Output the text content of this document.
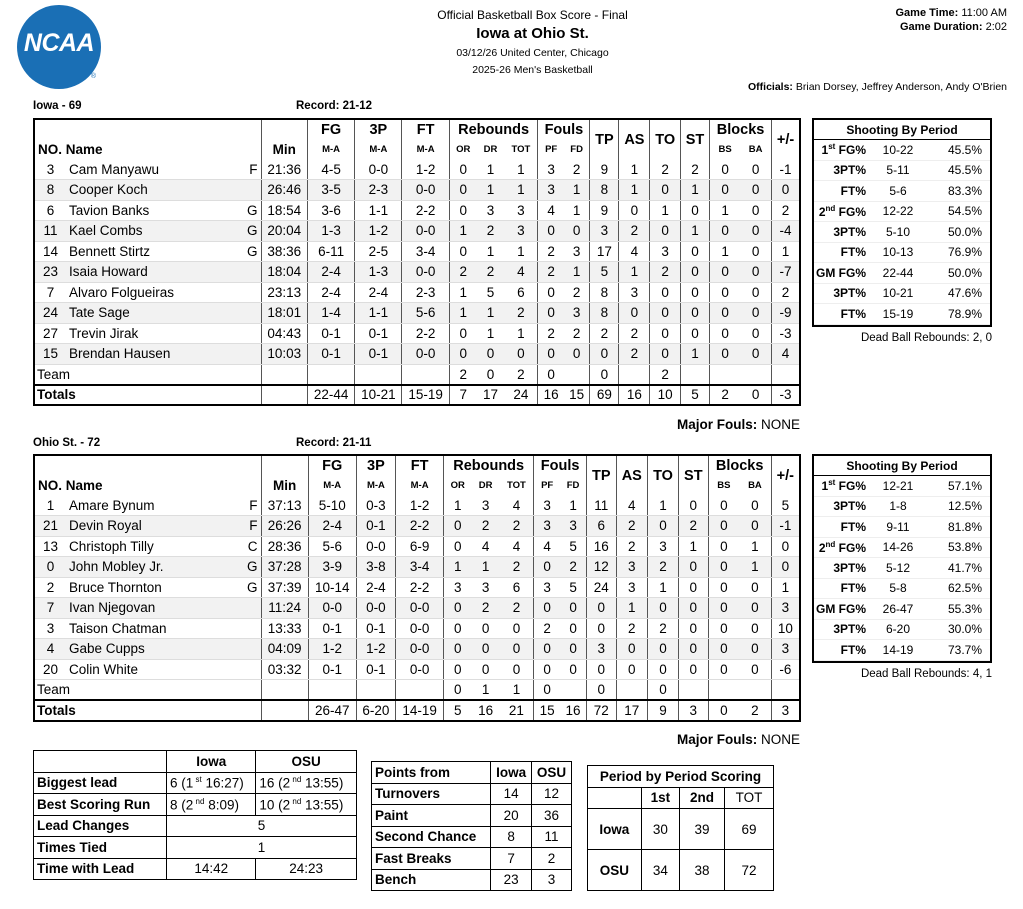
NCAA
®
Official Basketball Box Score - Final
Iowa at Ohio St.
03/12/26 United Center, Chicago
2025-26 Men's Basketball
Game Time: 11:00 AM
Game Duration: 2:02
Officials: Brian Dorsey, Jeffrey Anderson, Andy O'Brien
Iowa - 69	Record: 21-12
				FG	3P	FT	Rebounds			Fouls		TP	AS	TO	ST	Blocks		+/-
NO. Name			Min	M-A	M-A	M-A	OR	DR	TOT	PF	FD					BS	BA	
3	Cam Manyawu	F	21:36	4-5	0-0	1-2	0	1	1	3	2	9	1	2	2	0	0	-1
8	Cooper Koch		26:46	3-5	2-3	0-0	0	1	1	3	1	8	1	0	1	0	0	0
6	Tavion Banks	G	18:54	3-6	1-1	2-2	0	3	3	4	1	9	0	1	0	1	0	2
11	Kael Combs	G	20:04	1-3	1-2	0-0	1	2	3	0	0	3	2	0	1	0	0	-4
14	Bennett Stirtz	G	38:36	6-11	2-5	3-4	0	1	1	2	3	17	4	3	0	1	0	1
23	Isaia Howard		18:04	2-4	1-3	0-0	2	2	4	2	1	5	1	2	0	0	0	-7
7	Alvaro Folgueiras		23:13	2-4	2-4	2-3	1	5	6	0	2	8	3	0	0	0	0	2
24	Tate Sage		18:01	1-4	1-1	5-6	1	1	2	0	3	8	0	0	0	0	0	-9
27	Trevin Jirak		04:43	0-1	0-1	2-2	0	1	1	2	2	2	2	0	0	0	0	-3
15	Brendan Hausen		10:03	0-1	0-1	0-0	0	0	0	0	0	0	2	0	1	0	0	4
Team							2	0	2	0		0		2				
Totals				22-44	10-21	15-19	7	17	24	16	15	69	16	10	5	2	0	-3
Shooting By Period
1st FG%	10-22	45.5%
3PT%	5-11	45.5%
FT%	5-6	83.3%
2nd FG%	12-22	54.5%
3PT%	5-10	50.0%
FT%	10-13	76.9%
GM FG%	22-44	50.0%
3PT%	10-21	47.6%
FT%	15-19	78.9%
Dead Ball Rebounds: 2, 0
Major Fouls: NONE
Ohio St. - 72	Record: 21-11
				FG	3P	FT	Rebounds			Fouls		TP	AS	TO	ST	Blocks		+/-
NO. Name			Min	M-A	M-A	M-A	OR	DR	TOT	PF	FD					BS	BA	
1	Amare Bynum	F	37:13	5-10	0-3	1-2	1	3	4	3	1	11	4	1	0	0	0	5
21	Devin Royal	F	26:26	2-4	0-1	2-2	0	2	2	3	3	6	2	0	2	0	0	-1
13	Christoph Tilly	C	28:36	5-6	0-0	6-9	0	4	4	4	5	16	2	3	1	0	1	0
0	John Mobley Jr.	G	37:28	3-9	3-8	3-4	1	1	2	0	2	12	3	2	0	0	1	0
2	Bruce Thornton	G	37:39	10-14	2-4	2-2	3	3	6	3	5	24	3	1	0	0	0	1
7	Ivan Njegovan		11:24	0-0	0-0	0-0	0	2	2	0	0	0	1	0	0	0	0	3
3	Taison Chatman		13:33	0-1	0-1	0-0	0	0	0	2	0	0	2	2	0	0	0	10
4	Gabe Cupps		04:09	1-2	1-2	0-0	0	0	0	0	0	3	0	0	0	0	0	3
20	Colin White		03:32	0-1	0-1	0-0	0	0	0	0	0	0	0	0	0	0	0	-6
Team							0	1	1	0		0		0				
Totals				26-47	6-20	14-19	5	16	21	15	16	72	17	9	3	0	2	3
Shooting By Period
1st FG%	12-21	57.1%
3PT%	1-8	12.5%
FT%	9-11	81.8%
2nd FG%	14-26	53.8%
3PT%	5-12	41.7%
FT%	5-8	62.5%
GM FG%	26-47	55.3%
3PT%	6-20	30.0%
FT%	14-19	73.7%
Dead Ball Rebounds: 4, 1
Major Fouls: NONE
	Iowa	OSU
Biggest lead	6 (1 $^{st}$ 16:27)	16 (2 $^{nd}$ 13:55)
Best Scoring Run	8 (2 $^{nd}$ 8:09)	10 (2 $^{nd}$ 13:55)
Lead Changes	5	
Times Tied	1	
Time with Lead	14:42	24:23
Points from	Iowa	OSU
Turnovers	14	12
Paint	20	36
Second Chance	8	11
Fast Breaks	7	2
Bench	23	3
Period by Period Scoring			
	1st	2nd	TOT
Iowa	30	39	69
OSU	34	38	72
